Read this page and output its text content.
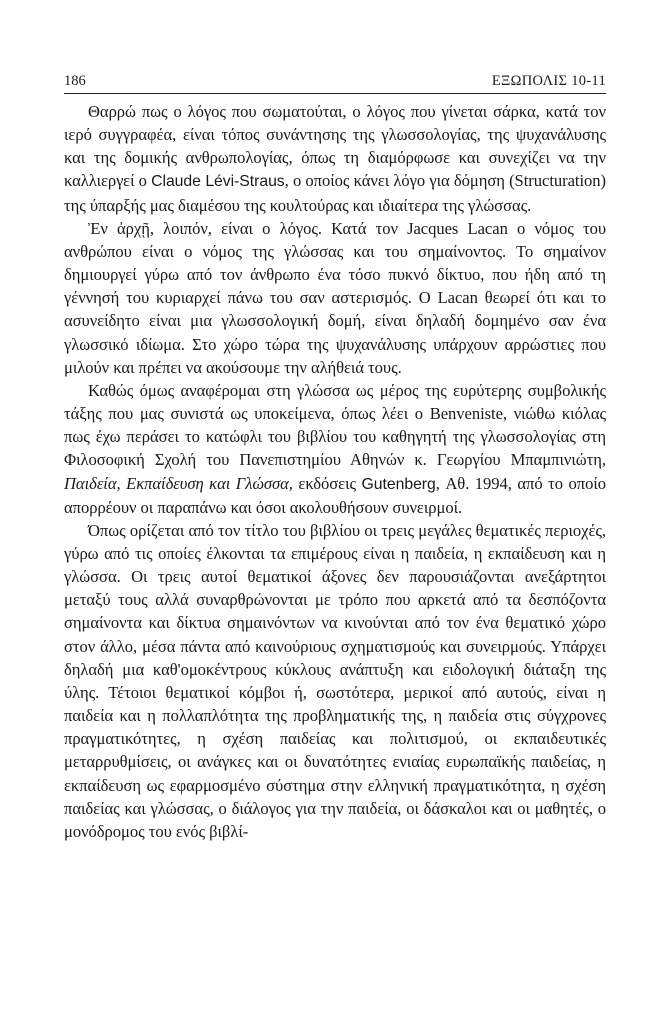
186	ΕΞΩΠΟΛΙΣ 10-11

Θαρρώ πως ο λόγος που σωματούται, ο λόγος που γίνεται σάρκα, κατά τον ιερό συγγραφέα, είναι τόπος συνάντησης της γλωσσολογίας, της ψυχανάλυσης και της δομικής ανθρωπολογίας, όπως τη διαμόρφωσε και συνεχίζει να την καλλιεργεί ο Claude Lévi-Straus, ο οποίος κάνει λόγο για δόμηση (Structuration) της ύπαρξής μας διαμέσου της κουλτούρας και ιδιαίτερα της γλώσσας.

Ἐν ἀρχῇ, λοιπόν, είναι ο λόγος. Κατά τον Jacques Lacan ο νόμος του ανθρώπου είναι ο νόμος της γλώσσας και του σημαίνοντος. Το σημαίνον δημιουργεί γύρω από τον άνθρωπο ένα τόσο πυκνό δίκτυο, που ήδη από τη γέννησή του κυριαρχεί πάνω του σαν αστερισμός. Ο Lacan θεωρεί ότι και το ασυνείδητο είναι μια γλωσσολογική δομή, είναι δηλαδή δομημένο σαν ένα γλωσσικό ιδίωμα. Στο χώρο τώρα της ψυχανάλυσης υπάρχουν αρρώστιες που μιλούν και πρέπει να ακούσουμε την αλήθειά τους.

Καθώς όμως αναφέρομαι στη γλώσσα ως μέρος της ευρύτερης συμβολικής τάξης που μας συνιστά ως υποκείμενα, όπως λέει ο Benveniste, νιώθω κιόλας πως έχω περάσει το κατώφλι του βιβλίου του καθηγητή της γλωσσολογίας στη Φιλοσοφική Σχολή του Πανεπιστημίου Αθηνών κ. Γεωργίου Μπαμπινιώτη, Παιδεία, Εκπαίδευση και Γλώσσα, εκδόσεις Gutenberg, Αθ. 1994, από το οποίο απορρέουν οι παραπάνω και όσοι ακολουθήσουν συνειρμοί.

Όπως ορίζεται από τον τίτλο του βιβλίου οι τρεις μεγάλες θεματικές περιοχές, γύρω από τις οποίες έλκονται τα επιμέρους είναι η παιδεία, η εκπαίδευση και η γλώσσα. Οι τρεις αυτοί θεματικοί άξονες δεν παρουσιάζονται ανεξάρτητοι μεταξύ τους αλλά συναρθρώνονται με τρόπο που αρκετά από τα δεσπόζοντα σημαίνοντα και δίκτυα σημαινόντων να κινούνται από τον ένα θεματικό χώρο στον άλλο, μέσα πάντα από καινούριους σχηματισμούς και συνειρμούς. Υπάρχει δηλαδή μια καθ'ομοκέντρους κύκλους ανάπτυξη και ειδολογική διάταξη της ύλης. Τέτοιοι θεματικοί κόμβοι ή, σωστότερα, μερικοί από αυτούς, είναι η παιδεία και η πολλαπλότητα της προβληματικής της, η παιδεία στις σύγχρονες πραγματικότητες, η σχέση παιδείας και πολιτισμού, οι εκπαιδευτικές μεταρρυθμίσεις, οι ανάγκες και οι δυνατότητες ενιαίας ευρωπαϊκής παιδείας, η εκπαίδευση ως εφαρμοσμένο σύστημα στην ελληνική πραγματικότητα, η σχέση παιδείας και γλώσσας, ο διάλογος για την παιδεία, οι δάσκαλοι και οι μαθητές, ο μονόδρομος του ενός βιβλί-
